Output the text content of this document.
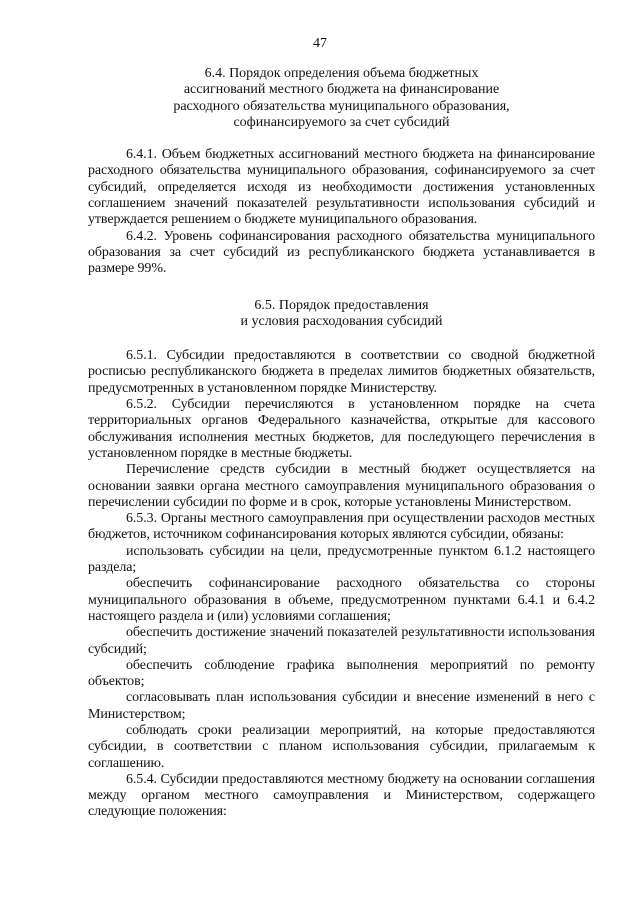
47
6.4. Порядок определения объема бюджетных
ассигнований местного бюджета на финансирование
расходного обязательства муниципального образования,
софинансируемого за счет субсидий

6.4.1. Объем бюджетных ассигнований местного бюджета на финансирование расходного обязательства муниципального образования, софинансируемого за счет субсидий, определяется исходя из необходимости достижения установленных соглашением значений показателей результативности использования субсидий и утверждается решением о бюджете муниципального образования.

6.4.2. Уровень софинансирования расходного обязательства муниципального образования за счет субсидий из республиканского бюджета устанавливается в размере 99%.

6.5. Порядок предоставления
и условия расходования субсидий

6.5.1. Субсидии предоставляются в соответствии со сводной бюджетной росписью республиканского бюджета в пределах лимитов бюджетных обязательств, предусмотренных в установленном порядке Министерству.

6.5.2. Субсидии перечисляются в установленном порядке на счета территориальных органов Федерального казначейства, открытые для кассового обслуживания исполнения местных бюджетов, для последующего перечисления в установленном порядке в местные бюджеты.

Перечисление средств субсидии в местный бюджет осуществляется на основании заявки органа местного самоуправления муниципального образования о перечислении субсидии по форме и в срок, которые установлены Министерством.

6.5.3. Органы местного самоуправления при осуществлении расходов местных бюджетов, источником софинансирования которых являются субсидии, обязаны:

использовать субсидии на цели, предусмотренные пунктом 6.1.2 настоящего раздела;

обеспечить софинансирование расходного обязательства со стороны муниципального образования в объеме, предусмотренном пунктами 6.4.1 и 6.4.2 настоящего раздела и (или) условиями соглашения;

обеспечить достижение значений показателей результативности использования субсидий;

обеспечить соблюдение графика выполнения мероприятий по ремонту объектов;

согласовывать план использования субсидии и внесение изменений в него с Министерством;

соблюдать сроки реализации мероприятий, на которые предоставляются субсидии, в соответствии с планом использования субсидии, прилагаемым к соглашению.

6.5.4. Субсидии предоставляются местному бюджету на основании соглашения между органом местного самоуправления и Министерством, содержащего следующие положения:
